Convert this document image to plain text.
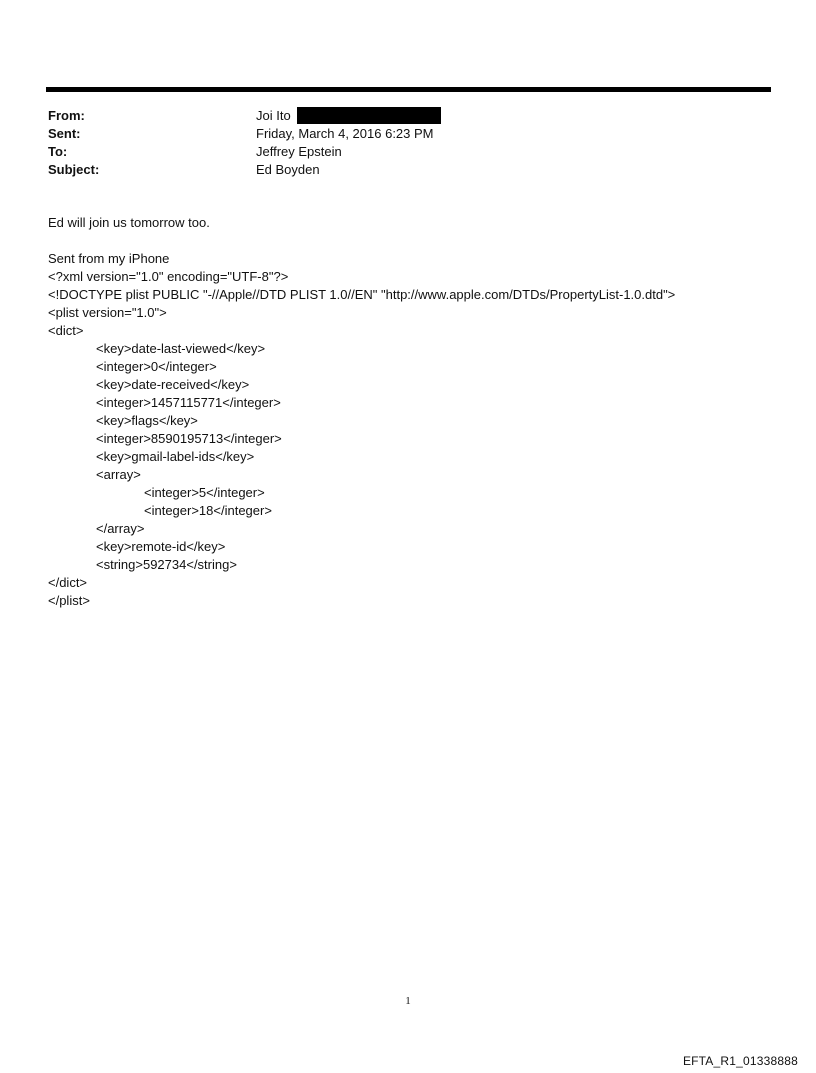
From:	Joi Ito
Sent:	Friday, March 4, 2016 6:23 PM
To:	Jeffrey Epstein
Subject:	Ed Boyden
Ed will join us tomorrow too.
Sent from my iPhone
<?xml version="1.0" encoding="UTF-8"?>
<!DOCTYPE plist PUBLIC "-//Apple//DTD PLIST 1.0//EN" "http://www.apple.com/DTDs/PropertyList-1.0.dtd">
<plist version="1.0">
<dict>
<key>date-last-viewed</key>
<integer>0</integer>
<key>date-received</key>
<integer>1457115771</integer>
<key>flags</key>
<integer>8590195713</integer>
<key>gmail-label-ids</key>
<array>
<integer>5</integer>
<integer>18</integer>
</array>
<key>remote-id</key>
<string>592734</string>
</dict>
</plist>
1
EFTA_R1_01338888
